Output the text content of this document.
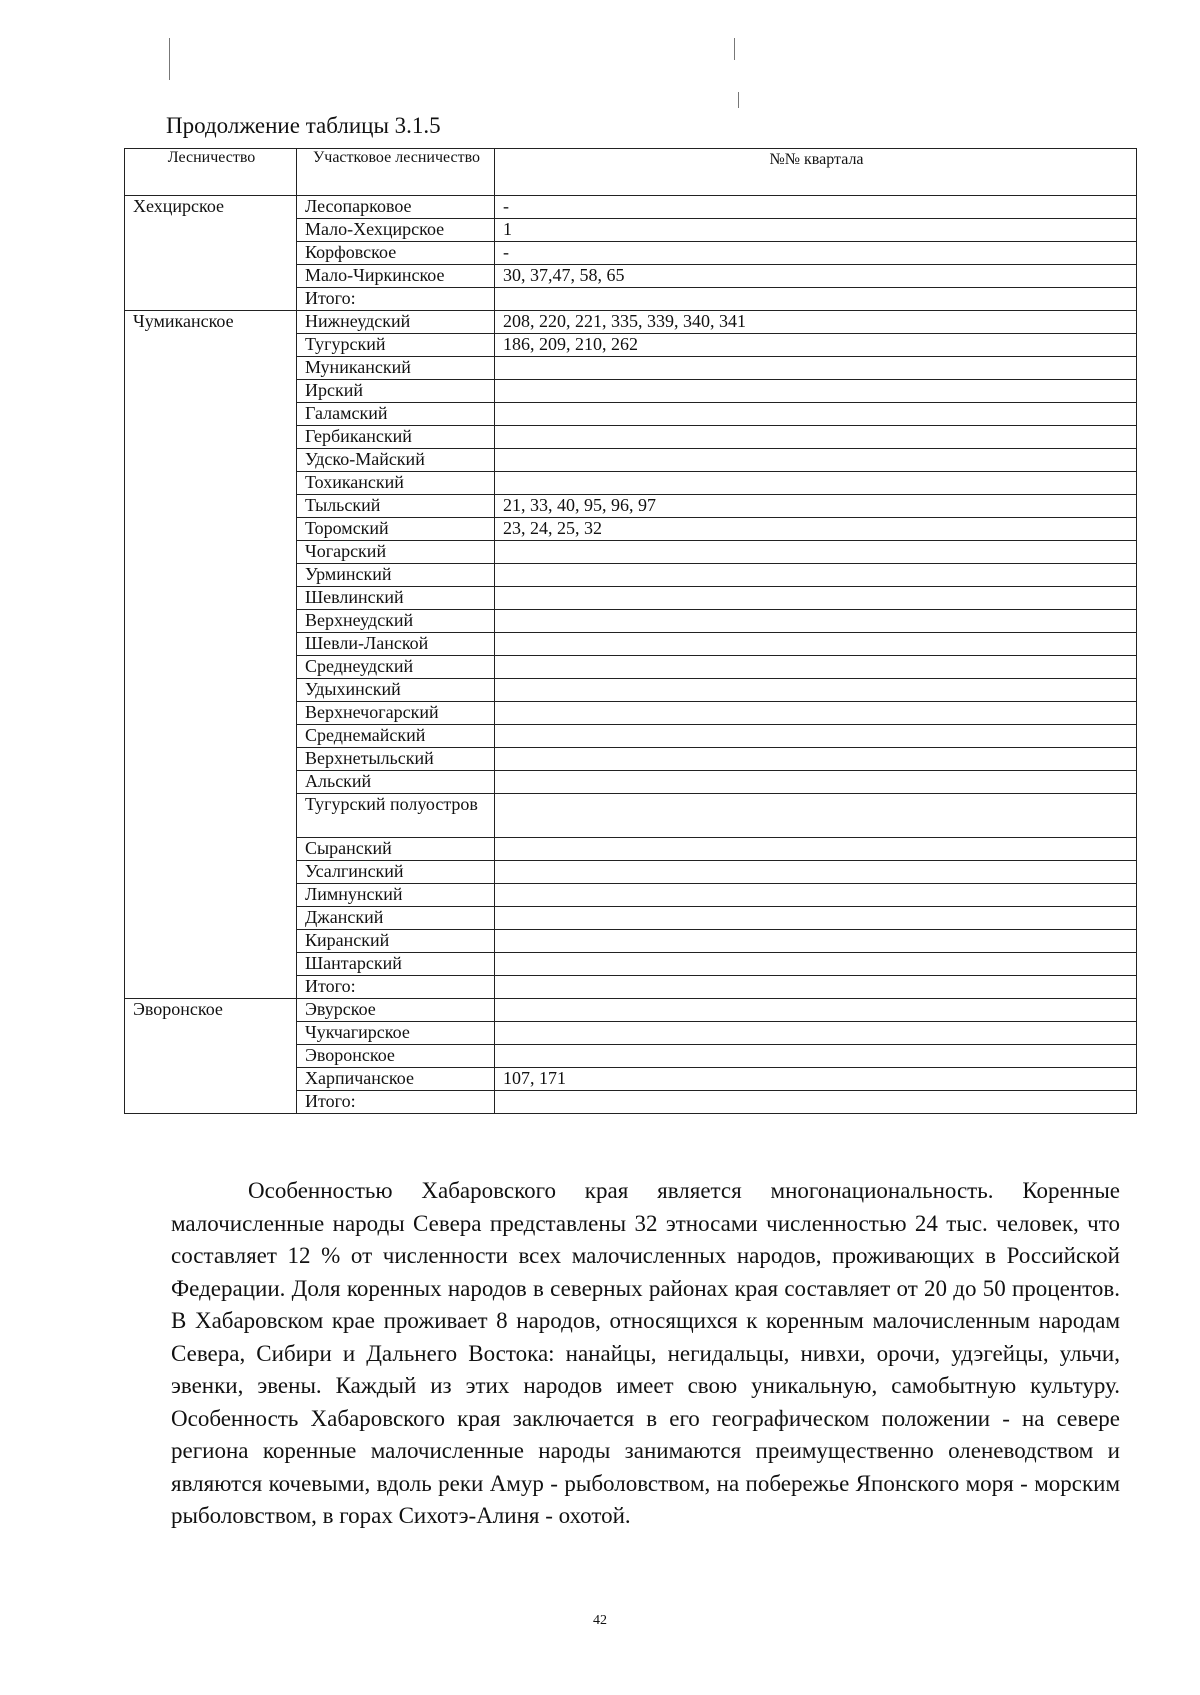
Продолжение таблицы 3.1.5
Лесничество	Участковое лесничество	№№ квартала
Хехцирское	Лесопарковое	-
	Мало-Хехцирское	1
	Корфовское	-
	Мало-Чиркинское	30, 37,47, 58, 65
	Итого:	
Чумиканское	Нижнеудский	208, 220, 221, 335, 339, 340, 341
	Тугурский	186, 209, 210, 262
	Муниканский	
	Ирский	
	Галамский	
	Гербиканский	
	Удско-Майский	
	Тохиканский	
	Тыльский	21, 33, 40, 95, 96, 97
	Торомский	23, 24, 25, 32
	Чогарский	
	Урминский	
	Шевлинский	
	Верхнеудский	
	Шевли-Ланской	
	Среднеудский	
	Удыхинский	
	Верхнечогарский	
	Среднемайский	
	Верхнетыльский	
	Альский	
	Тугурский полуостров	
	Сыранский	
	Усалгинский	
	Лимнунский	
	Джанский	
	Киранский	
	Шантарский	
	Итого:	
Эворонское	Эвурское	
	Чукчагирское	
	Эворонское	
	Харпичанское	107, 171
	Итого:	
Особенностью Хабаровского края является многонациональность. Коренные малочисленные народы Севера представлены 32 этносами численностью 24 тыс. человек, что составляет 12 % от численности всех малочисленных народов, проживающих в Российской Федерации. Доля коренных народов в северных районах края составляет от 20 до 50 процентов. В Хабаровском крае проживает 8 народов, относящихся к коренным малочисленным народам Севера, Сибири и Дальнего Востока: нанайцы, негидальцы, нивхи, орочи, удэгейцы, ульчи, эвенки, эвены. Каждый из этих народов имеет свою уникальную, самобытную культуру. Особенность Хабаровского края заключается в его географическом положении - на севере региона коренные малочисленные народы занимаются преимущественно оленеводством и являются кочевыми, вдоль реки Амур - рыболовством, на побережье Японского моря - морским рыболовством, в горах Сихотэ-Алиня - охотой.
42
